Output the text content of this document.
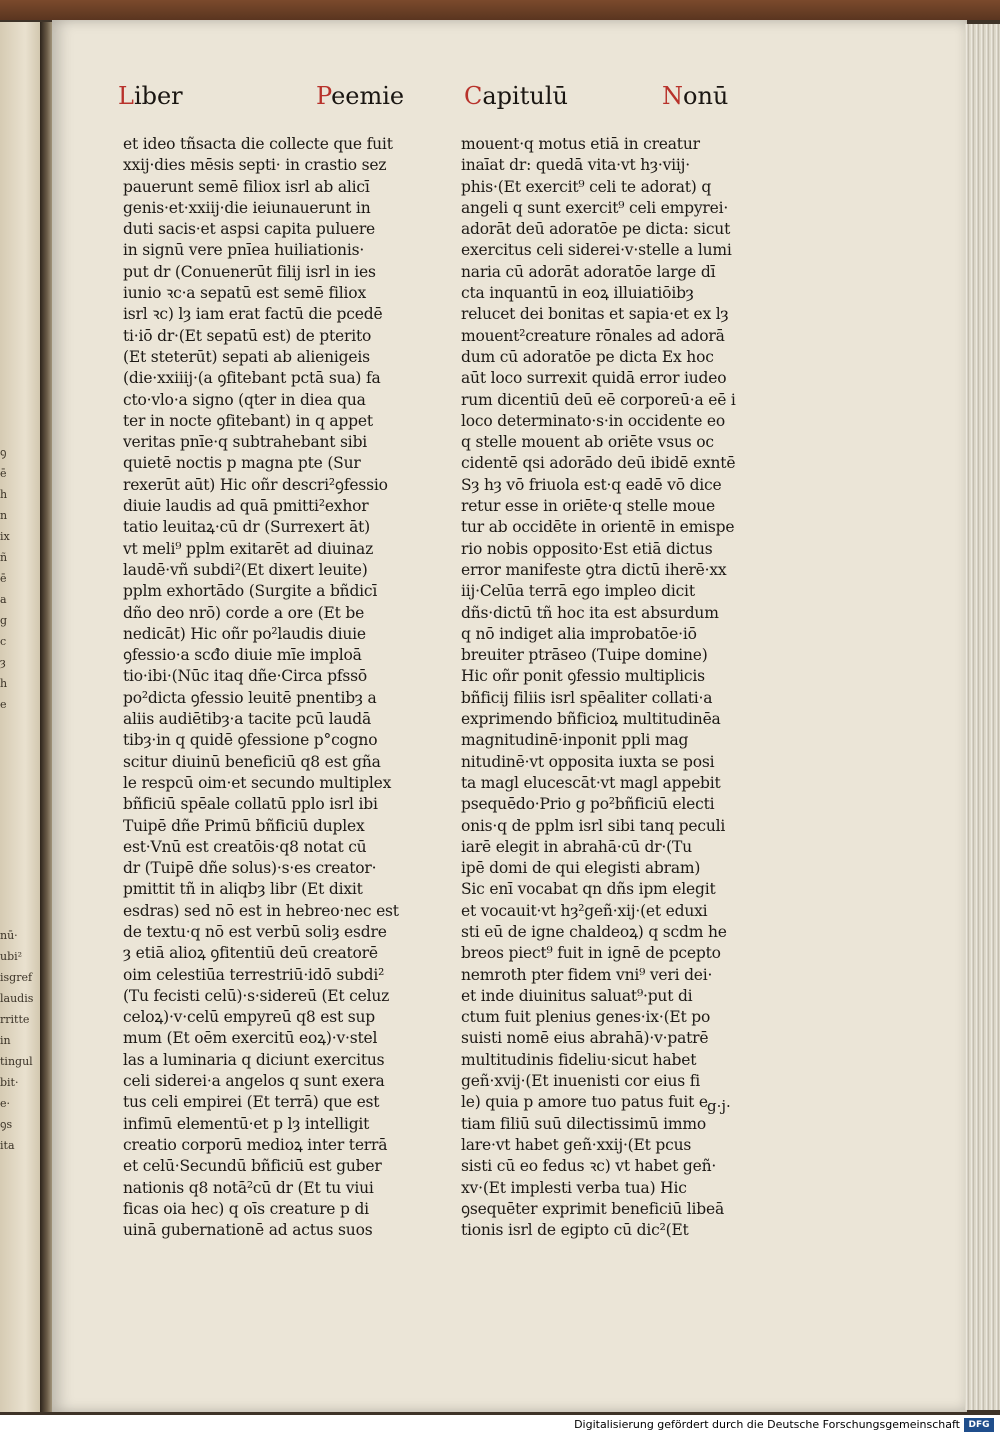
ꝯ
ē
h
n
ix
ñ
ē
a
g
c
ȝ
h
e
nū·
ubi²
isgref
laudis
rritte
in
tingul
bit·
e·
ꝯs
ita
Liber	Peemie Capitulū	Nonū
et ideo tñsacta die collecte que fuit
xxij·dies mēsis septi· in crastio sez
pauerunt semē filiox isrl ab alicī
genis·et·xxiij·die ieiunauerunt in
duti sacis·et aspsi capita puluere
in signū vere pnīea huiliationis·
put dr (Conuenerūt filij isrl in ies
iunio ꝛc·a sepatū est semē filiox
isrl ꝛc) lȝ iam erat factū die pcedē
ti·iō dr·(Et sepatū est) de pterito
(Et steterūt) sepati ab alienigeis
(die·xxiiij·(a ꝯfitebant pctā sua) fa
cto·vlo·a signo (qter in diea qua
ter in nocte ꝯfitebant) in q appet
veritas pnīe·q subtrahebant sibi
quietē noctis p magna pte (Sur
rexerūt aūt) Hic oñr descri²ꝯfessio
diuie laudis ad quā pmitti²exhor
tatio leuitaꝝ·cū dr (Surrexert āt)
vt meli⁹ pplm exitarēt ad diuinaz
laudē·vñ subdi²(Et dixert leuite)
pplm exhortādo (Surgite a bñdicī
dño deo nrō) corde a ore (Et be
nedicāt) Hic oñr po²laudis diuie
ꝯfessio·a scđo diuie mīe imploā
tio·ibi·(Nūc itaq dñe·Circa pfssō
po²dicta ꝯfessio leuitē pnentibȝ a
aliis audiētibȝ·a tacite pcū laudā
tibȝ·in q quidē ꝯfessione p°cogno
scitur diuinū beneficiū q8 est gña
le respcū oim·et secundo multiplex
bñficiū spēale collatū pplo isrl ibi
Tuipē dñe Primū bñficiū duplex
est·Vnū est creatōis·q8 notat cū
dr (Tuipē dñe solus)·s·es creator·
pmittit tñ in aliqbȝ libr (Et dixit
esdras) sed nō est in hebreo·nec est
de textu·q nō est verbū soliȝ esdre
ȝ etiā alioꝝ ꝯfitentiū deū creatorē
oim celestiūa terrestriū·idō subdi²
(Tu fecisti celū)·s·sidereū (Et celuz
celoꝝ)·v·celū empyreū q8 est sup
mum (Et oēm exercitū eoꝝ)·v·stel
las a luminaria q diciunt exercitus
celi siderei·a angelos q sunt exera
tus celi empirei (Et terrā) que est
infimū elementū·et p lȝ intelligit
creatio corporū medioꝝ inter terrā
et celū·Secundū bñficiū est guber
nationis q8 notā²cū dr (Et tu viui
ficas oia hec) q oīs creature p di
uinā gubernationē ad actus suos
mouent·q motus etiā in creatur
inaīat dr: quedā vita·vt hȝ·viij·
phis·(Et exercit⁹ celi te adorat) q
angeli q sunt exercit⁹ celi empyrei·
adorāt deū adoratōe pe dicta: sicut
exercitus celi siderei·v·stelle a lumi
naria cū adorāt adoratōe large dī
cta inquantū in eoꝝ illuiatiōibȝ
relucet dei bonitas et sapia·et ex lȝ
mouent²creature rōnales ad adorā
dum cū adoratōe pe dicta Ex hoc
aūt loco surrexit quidā error iudeo
rum dicentiū deū eē corporeū·a eē i
loco determinato·s·in occidente eo
q stelle mouent ab oriēte vsus oc
cidentē qsi adorādo deū ibidē exntē
Sȝ hȝ vō friuola est·q eadē vō dice
retur esse in oriēte·q stelle moue
tur ab occidēte in orientē in emispe
rio nobis opposito·Est etiā dictus
error manifeste ꝯtra dictū iherē·xx
iij·Celūa terrā ego impleo dicit
dñs·dictū tñ hoc ita est absurdum
q nō indiget alia improbatōe·iō
breuiter ptrāseo (Tuipe domine)
Hic oñr ponit ꝯfessio multiplicis
bñficij filiis isrl spēaliter collati·a
exprimendo bñficioꝝ multitudinēa
magnitudinē·inponit ppli mag
nitudinē·vt opposita iuxta se posi
ta magl elucescāt·vt magl appebit
psequēdo·Prio g po²bñficiū electi
onis·q de pplm isrl sibi tanq peculi
iarē elegit in abrahā·cū dr·(Tu
ipē domi de qui elegisti abram)
Sic enī vocabat qn dñs ipm elegit
et vocauit·vt hȝ²geñ·xij·(et eduxi
sti eū de igne chaldeoꝝ) q scdm he
breos piect⁹ fuit in ignē de pcepto
nemroth pter fidem vni⁹ veri dei·
et inde diuinitus saluat⁹·put di
ctum fuit plenius genes·ix·(Et po
suisti nomē eius abrahā)·v·patrē
multitudinis fideliu·sicut habet
geñ·xvij·(Et inuenisti cor eius fi
le) quia p amore tuo patus fuit e
tiam filiū suū dilectissimū immo
lare·vt habet geñ·xxij·(Et pcus
sisti cū eo fedus ꝛc) vt habet geñ·
xv·(Et implesti verba tua) Hic
ꝯsequēter exprimit beneficiū libeā
tionis isrl de egipto cū dic²(Et
g·j·
Digitalisierung gefördert durch die Deutsche Forschungsgemeinschaft DFG
